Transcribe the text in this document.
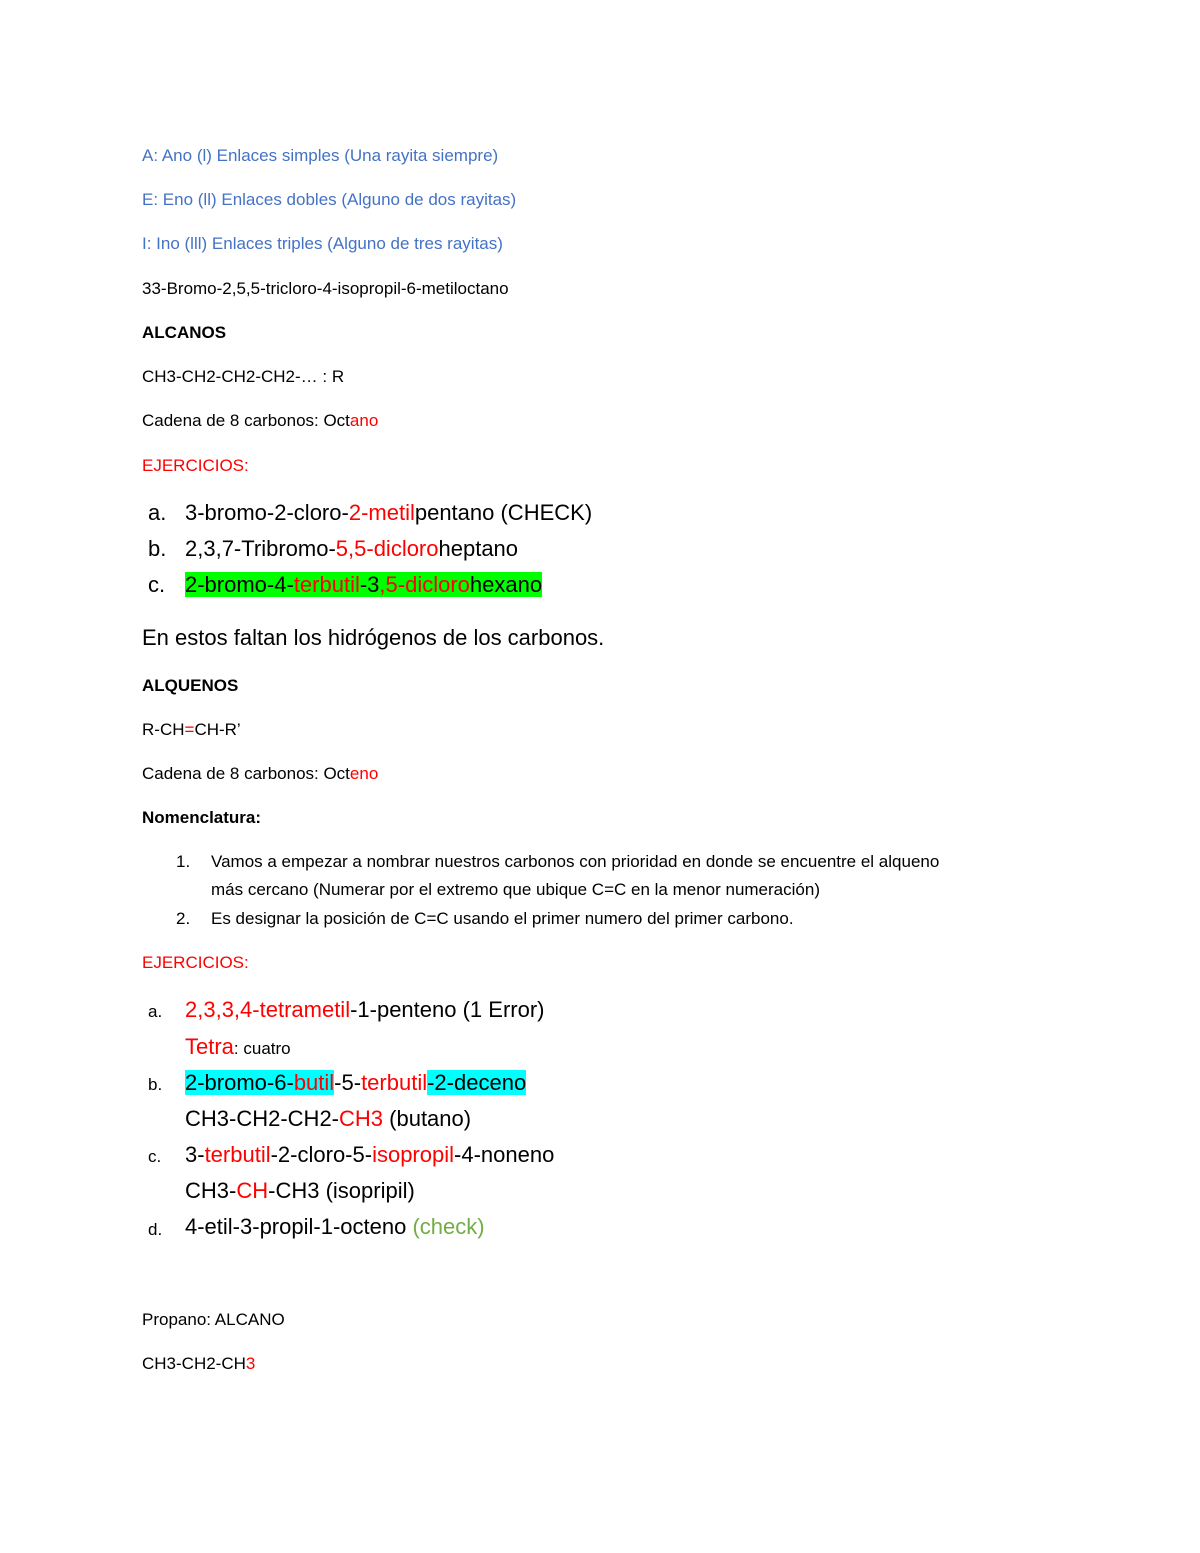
A: Ano (l) Enlaces simples (Una rayita siempre)
E: Eno (ll) Enlaces dobles (Alguno de dos rayitas)
I: Ino (lll) Enlaces triples (Alguno de tres rayitas)
33-Bromo-2,5,5-tricloro-4-isopropil-6-metiloctano
ALCANOS
CH3-CH2-CH2-CH2-… : R
Cadena de 8 carbonos: Octano
EJERCICIOS:
a. 3-bromo-2-cloro-2-metilpentano (CHECK)
b. 2,3,7-Tribromo-5,5-dicloroheptano
c. 2-bromo-4-terbutil-3,5-diclorohexano
En estos faltan los hidrógenos de los carbonos.
ALQUENOS
R-CH=CH-R’
Cadena de 8 carbonos: Octeno
Nomenclatura:
1. Vamos a empezar a nombrar nuestros carbonos con prioridad en donde se encuentre el alqueno
más cercano (Numerar por el extremo que ubique C=C en la menor numeración)
2. Es designar la posición de C=C usando el primer numero del primer carbono.
EJERCICIOS:
a. 2,3,3,4-tetrametil-1-penteno (1 Error)
Tetra: cuatro
b. 2-bromo-6-butil-5-terbutil-2-deceno
CH3-CH2-CH2-CH3 (butano)
c. 3-terbutil-2-cloro-5-isopropil-4-noneno
CH3-CH-CH3 (isopripil)
d. 4-etil-3-propil-1-octeno (check)
Propano: ALCANO
CH3-CH2-CH3
